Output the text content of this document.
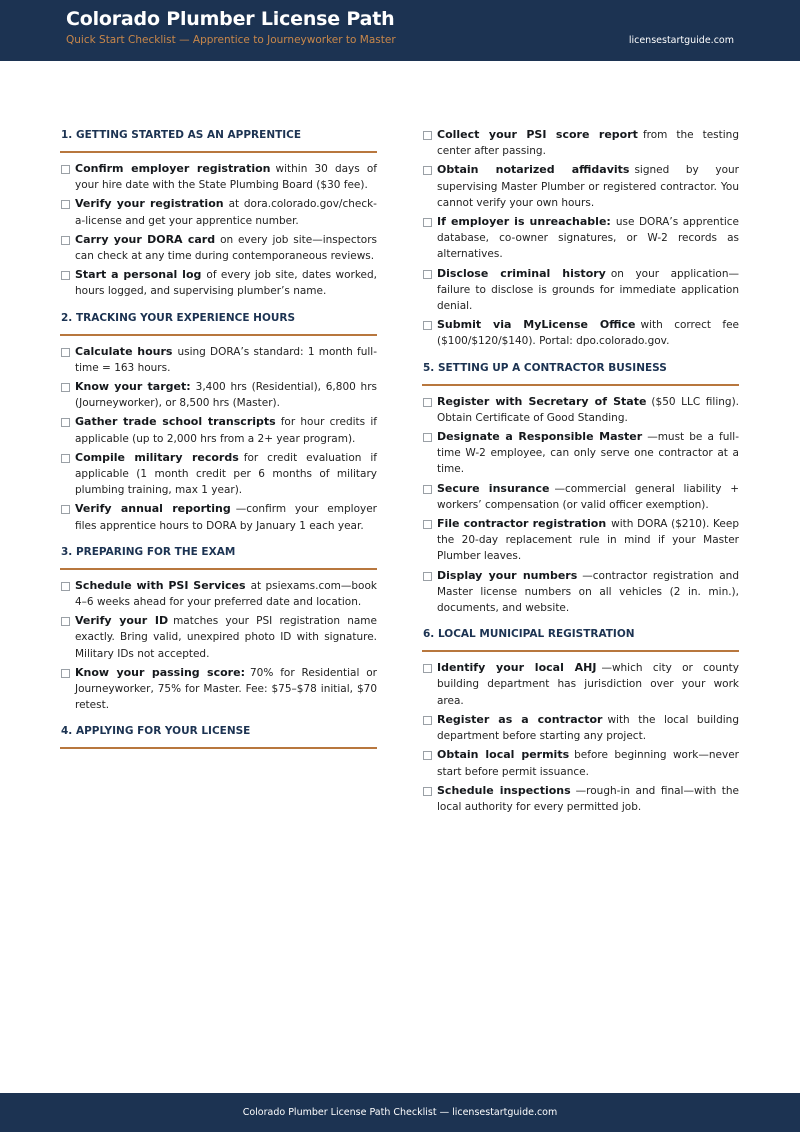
Colorado Plumber License Path
Quick Start Checklist — Apprentice to Journeyworker to Master	licensestartguide.com
1. GETTING STARTED AS AN APPRENTICE
Confirm employer registration within 30 days of your hire date with the State Plumbing Board ($30 fee).
Verify your registration at dora.colorado.gov/check-a-license and get your apprentice number.
Carry your DORA card on every job site—inspectors can check at any time during contemporaneous reviews.
Start a personal log of every job site, dates worked, hours logged, and supervising plumber’s name.
2. TRACKING YOUR EXPERIENCE HOURS
Calculate hours using DORA’s standard: 1 month full-time = 163 hours.
Know your target: 3,400 hrs (Residential), 6,800 hrs (Journeyworker), or 8,500 hrs (Master).
Gather trade school transcripts for hour credits if applicable (up to 2,000 hrs from a 2+ year program).
Compile military records for credit evaluation if applicable (1 month credit per 6 months of military plumbing training, max 1 year).
Verify annual reporting —confirm your employer files apprentice hours to DORA by January 1 each year.
3. PREPARING FOR THE EXAM
Schedule with PSI Services at psiexams.com—book 4–6 weeks ahead for your preferred date and location.
Verify your ID matches your PSI registration name exactly. Bring valid, unexpired photo ID with signature. Military IDs not accepted.
Know your passing score: 70% for Residential or Journeyworker, 75% for Master. Fee: $75–$78 initial, $70 retest.
4. APPLYING FOR YOUR LICENSE
Collect your PSI score report from the testing center after passing.
Obtain notarized affidavits signed by your supervising Master Plumber or registered contractor. You cannot verify your own hours.
If employer is unreachable: use DORA’s apprentice database, co-owner signatures, or W-2 records as alternatives.
Disclose criminal history on your application—failure to disclose is grounds for immediate application denial.
Submit via MyLicense Office with correct fee ($100/$120/$140). Portal: dpo.colorado.gov.
5. SETTING UP A CONTRACTOR BUSINESS
Register with Secretary of State ($50 LLC filing). Obtain Certificate of Good Standing.
Designate a Responsible Master —must be a full-time W-2 employee, can only serve one contractor at a time.
Secure insurance —commercial general liability + workers’ compensation (or valid officer exemption).
File contractor registration with DORA ($210). Keep the 20-day replacement rule in mind if your Master Plumber leaves.
Display your numbers —contractor registration and Master license numbers on all vehicles (2 in. min.), documents, and website.
6. LOCAL MUNICIPAL REGISTRATION
Identify your local AHJ —which city or county building department has jurisdiction over your work area.
Register as a contractor with the local building department before starting any project.
Obtain local permits before beginning work—never start before permit issuance.
Schedule inspections —rough-in and final—with the local authority for every permitted job.
Colorado Plumber License Path Checklist — licensestartguide.com
